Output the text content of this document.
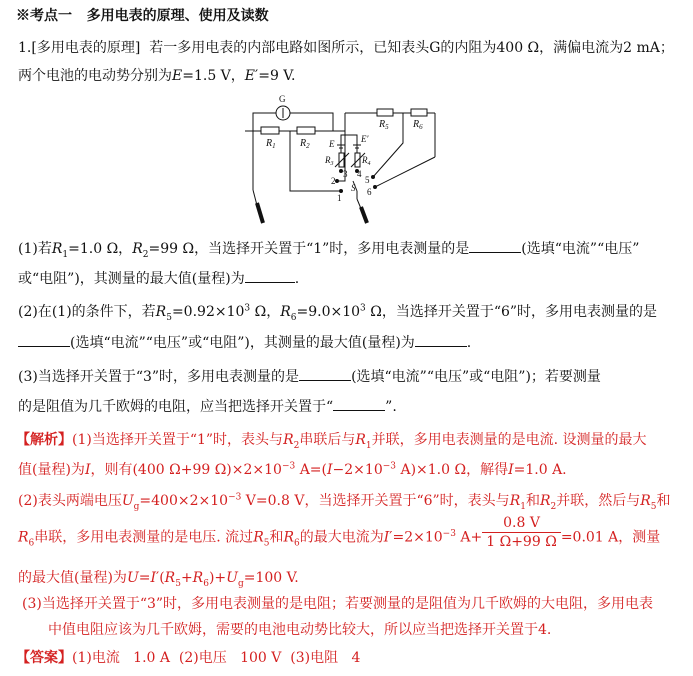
※考点一 多用电表的原理、使用及读数
1.[多用电表的原理] 若一多用电表的内部电路如图所示，已知表头G的内阻为400 Ω，满偏电流为2 mA；
两个电池的电动势分别为E=1.5 V，E′=9 V.
G
$R_1$ $R_2$
$R_5$ $R_6$
E	E′
$R_3$	$R_4$
3 4
2
1
5
6
S
(1)若$R_1=1.0$ Ω，$R_2=99$ Ω，当选择开关置于“1”时，多用电表测量的是	(选填“电流”“电压”
或“电阻”)，其测量的最大值(量程)为	.
(2)在(1)的条件下，若$R_5=0.92\times 10^3$ Ω，$R_6=9.0\times 10^3$ Ω，当选择开关置于“6”时，多用电表测量的是
(选填“电流”“电压”或“电阻”)，其测量的最大值(量程)为	.
(3)当选择开关置于“3”时，多用电表测量的是	(选填“电流”“电压”或“电阻”)；若要测量
的是阻值为几千欧姆的电阻，应当把选择开关置于“	”.
【解析】(1)当选择开关置于“1”时，表头与$R_2$串联后与$R_1$并联，多用电表测量的是电流. 设测量的最大
值(量程)为I，则有(400 Ω+99 $\Omega)\times 2\times 10^{-3}$ $A=(I-2\times 10^{-3}$ A)×1.0 Ω，解得I=1.0 A.
(2)表头两端电压$U_g=400\times 2\times 10^{-3}$ V=0.8 V，当选择开关置于“6”时，表头与$R_1$和$R_2$并联，然后与$R_5$和
$R_6$串联，多用电表测量的是电压. 流过$R_5$和$R_6$的最大电流为$I'=2\times 10^{-3}$ $A+ \frac{0.8 V}{1 \Omega+99 \Omega} =0.01$ A，测量
的最大值(量程)为$U=I'(R_5+R_6)+U_g=100$ V.
(3)当选择开关置于“3”时，多用电表测量的是电阻；若要测量的是阻值为几千欧姆的大电阻，多用电表
中值电阻应该为几千欧姆，需要的电池电动势比较大，所以应当把选择开关置于4.
【答案】(1)电流   1.0 A  (2)电压   100 V  (3)电阻   4
